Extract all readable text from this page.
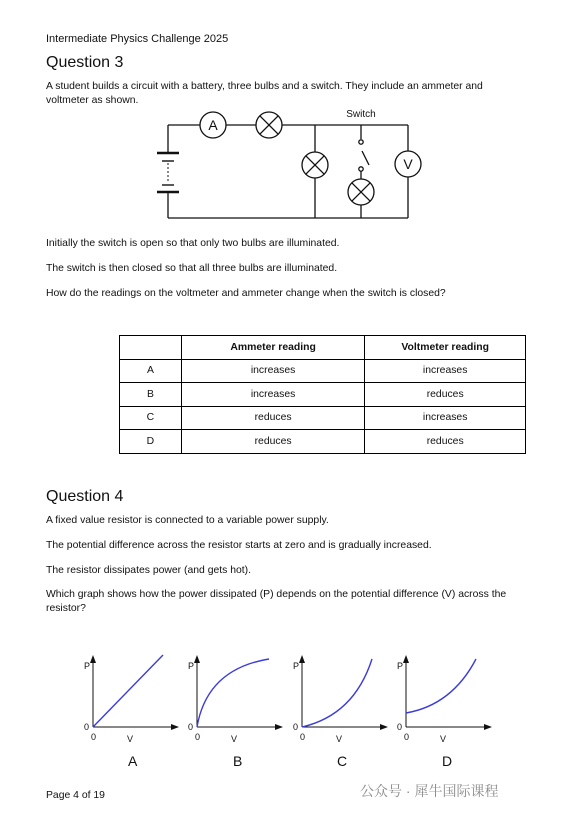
Intermediate Physics Challenge 2025
Question 3
A student builds a circuit with a battery, three bulbs and a switch. They include an ammeter and voltmeter as shown.
A
V
Switch
Initially the switch is open so that only two bulbs are illuminated.
The switch is then closed so that all three bulbs are illuminated.
How do the readings on the voltmeter and ammeter change when the switch is closed?
	Ammeter reading	Voltmeter reading
A	increases	increases
B	increases	reduces
C	reduces	increases
D	reduces	reduces
Question 4
A fixed value resistor is connected to a variable power supply.
The potential difference across the resistor starts at zero and is gradually increased.
The resistor dissipates power (and gets hot).
Which graph shows how the power dissipated (P) depends on the potential difference (V) across the resistor?
P
0
0	V
P
0
0	V
P
0
0	V
P
0
0	V
A	B	C	D
Page 4 of 19	公众号 · 犀牛国际课程
